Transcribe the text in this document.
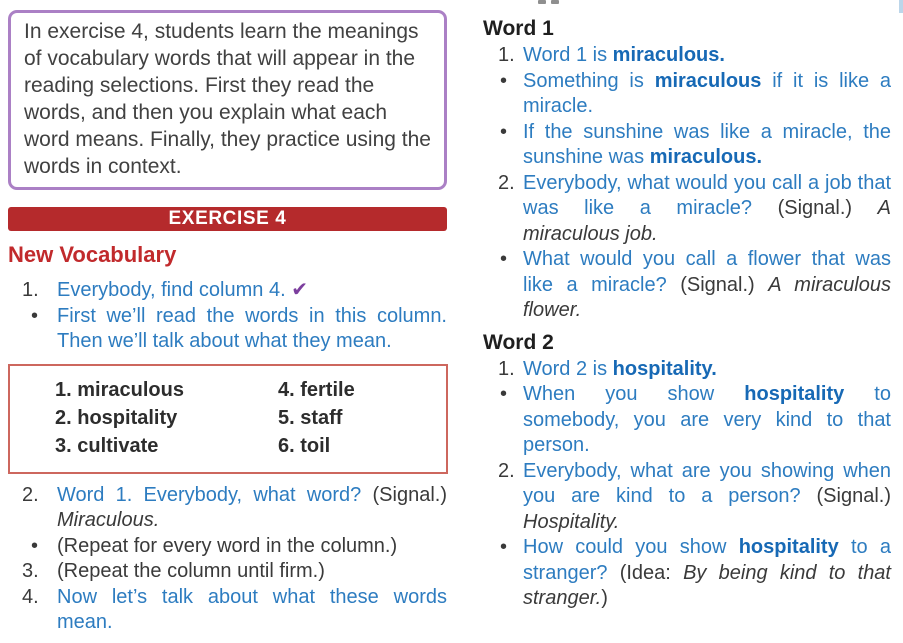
In exercise 4, students learn the meanings of vocabulary words that will appear in the reading selections. First they read the words, and then you explain what each word means. Finally, they practice using the words in context.

EXERCISE 4
New Vocabulary
1. Everybody, find column 4. ✔

• First we’ll read the words in this column. Then we’ll talk about what they mean.

1. miraculous
2. hospitality
3. cultivate
4. fertile
5. staff
6. toil
2. Word 1. Everybody, what word? (Signal.) Miraculous.

• (Repeat for every word in the column.)

3. (Repeat the column until firm.)

4. Now let’s talk about what these words mean.

Word 1
1. Word 1 is miraculous.

• Something is miraculous if it is like a miracle.

• If the sunshine was like a miracle, the sunshine was miraculous.

2. Everybody, what would you call a job that was like a miracle? (Signal.) A miraculous job.

• What would you call a flower that was like a miracle? (Signal.) A miraculous flower.

Word 2
1. Word 2 is hospitality.

• When you show hospitality to somebody, you are very kind to that person.

2. Everybody, what are you showing when you are kind to a person? (Signal.) Hospitality.

• How could you show hospitality to a stranger? (Idea: By being kind to that stranger.)
